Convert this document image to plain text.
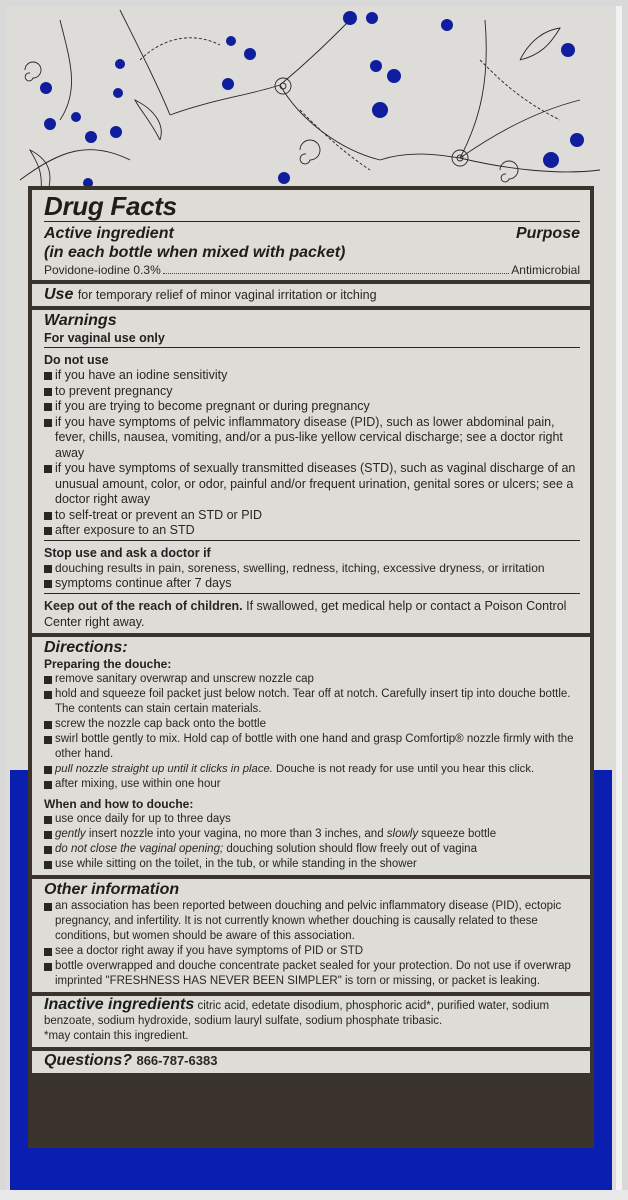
Drug Facts
Active ingredient	Purpose
(in each bottle when mixed with packet)
Povidone-iodine 0.3%	Antimicrobial
Use for temporary relief of minor vaginal irritation or itching
Warnings
For vaginal use only
Do not use
if you have an iodine sensitivity
to prevent pregnancy
if you are trying to become pregnant or during pregnancy
if you have symptoms of pelvic inflammatory disease (PID), such as lower abdominal pain, fever, chills, nausea, vomiting, and/or a pus-like yellow cervical discharge; see a doctor right away
if you have symptoms of sexually transmitted diseases (STD), such as vaginal discharge of an unusual amount, color, or odor, painful and/or frequent urination, genital sores or ulcers; see a doctor right away
to self-treat or prevent an STD or PID
after exposure to an STD
Stop use and ask a doctor if
douching results in pain, soreness, swelling, redness, itching, excessive dryness, or irritation
symptoms continue after 7 days
Keep out of the reach of children. If swallowed, get medical help or contact a Poison Control Center right away.
Directions:
Preparing the douche:
remove sanitary overwrap and unscrew nozzle cap
hold and squeeze foil packet just below notch. Tear off at notch. Carefully insert tip into douche bottle. The contents can stain certain materials.
screw the nozzle cap back onto the bottle
swirl bottle gently to mix. Hold cap of bottle with one hand and grasp Comfortip® nozzle firmly with the other hand.
pull nozzle straight up until it clicks in place. Douche is not ready for use until you hear this click.
after mixing, use within one hour
When and how to douche:
use once daily for up to three days
gently insert nozzle into your vagina, no more than 3 inches, and slowly squeeze bottle
do not close the vaginal opening; douching solution should flow freely out of vagina
use while sitting on the toilet, in the tub, or while standing in the shower
Other information
an association has been reported between douching and pelvic inflammatory disease (PID), ectopic pregnancy, and infertility. It is not currently known whether douching is causally related to these conditions, but women should be aware of this association.
see a doctor right away if you have symptoms of PID or STD
bottle overwrapped and douche concentrate packet sealed for your protection. Do not use if overwrap imprinted "FRESHNESS HAS NEVER BEEN SIMPLER" is torn or missing, or packet is leaking.
Inactive ingredients citric acid, edetate disodium, phosphoric acid*, purified water, sodium benzoate, sodium hydroxide, sodium lauryl sulfate, sodium phosphate tribasic.
*may contain this ingredient.
Questions? 866-787-6383
